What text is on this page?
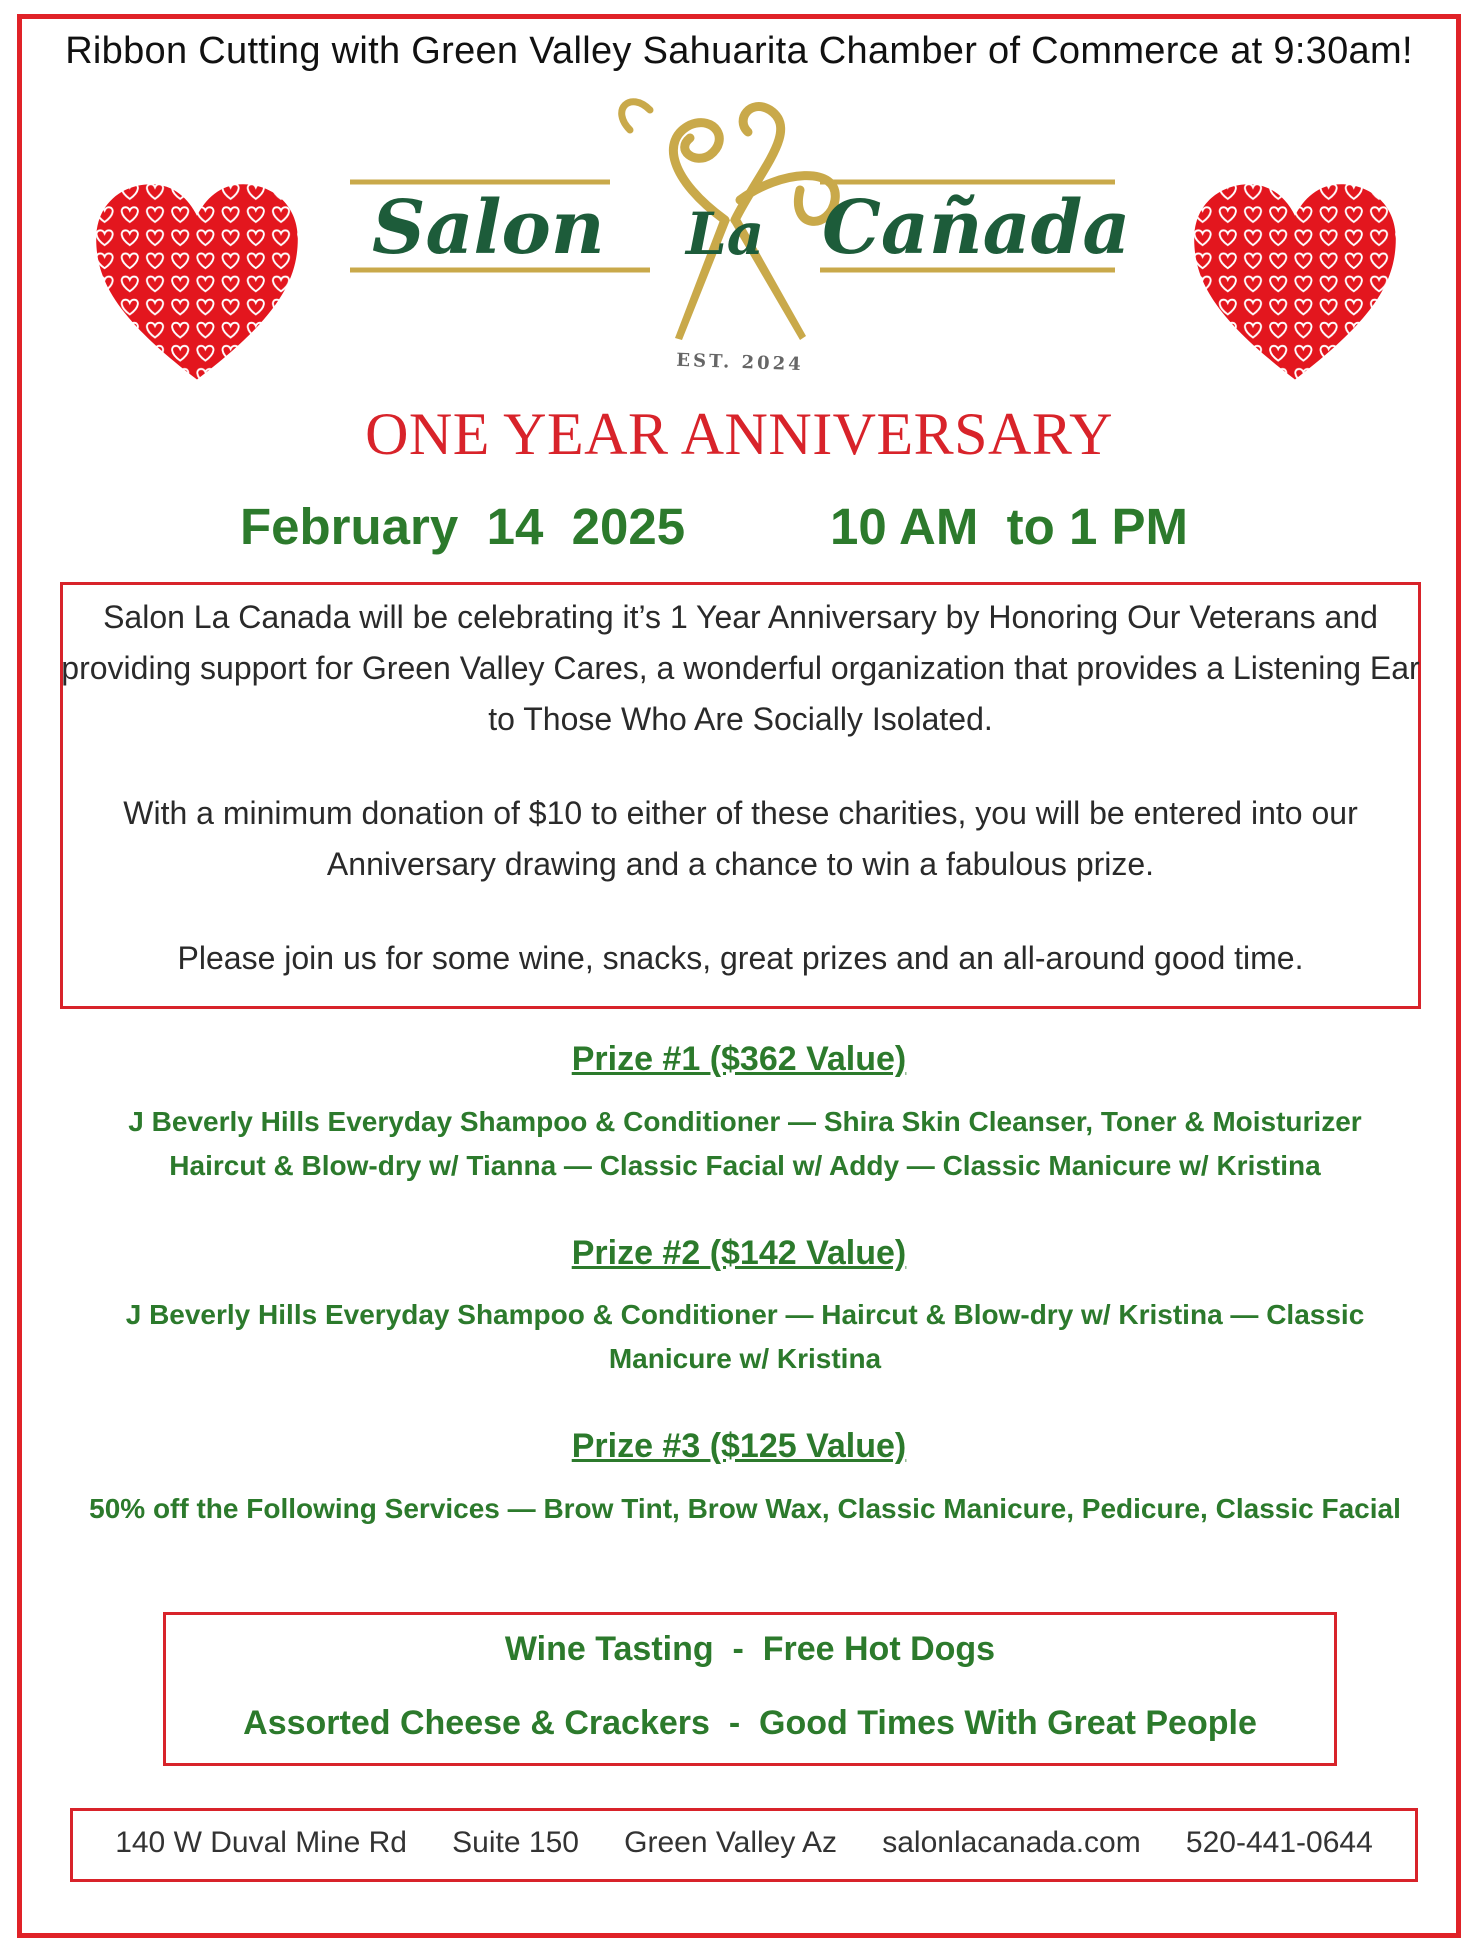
Ribbon Cutting with Green Valley Sahuarita Chamber of Commerce at 9:30am!
Salon La Cañada
EST. 2024
ONE YEAR ANNIVERSARY
February  14  2025	10 AM  to 1 PM
Salon La Canada will be celebrating it’s 1 Year Anniversary by Honoring Our Veterans and providing support for Green Valley Cares, a wonderful organization that provides a Listening Ear to Those Who Are Socially Isolated.
With a minimum donation of $10 to either of these charities, you will be entered into our Anniversary drawing and a chance to win a fabulous prize.
Please join us for some wine, snacks, great prizes and an all-around good time.
Prize #1 ($362 Value)
J Beverly Hills Everyday Shampoo & Conditioner — Shira Skin Cleanser, Toner & Moisturizer Haircut & Blow-dry w/ Tianna — Classic Facial w/ Addy — Classic Manicure w/ Kristina
Prize #2 ($142 Value)
J Beverly Hills Everyday Shampoo & Conditioner — Haircut & Blow-dry w/ Kristina — Classic Manicure w/ Kristina
Prize #3 ($125 Value)
50% off the Following Services — Brow Tint, Brow Wax, Classic Manicure, Pedicure, Classic Facial
Wine Tasting  -  Free Hot Dogs
Assorted Cheese & Crackers  -  Good Times With Great People
140 W Duval Mine Rd Suite 150 Green Valley Az salonlacanada.com 520-441-0644
